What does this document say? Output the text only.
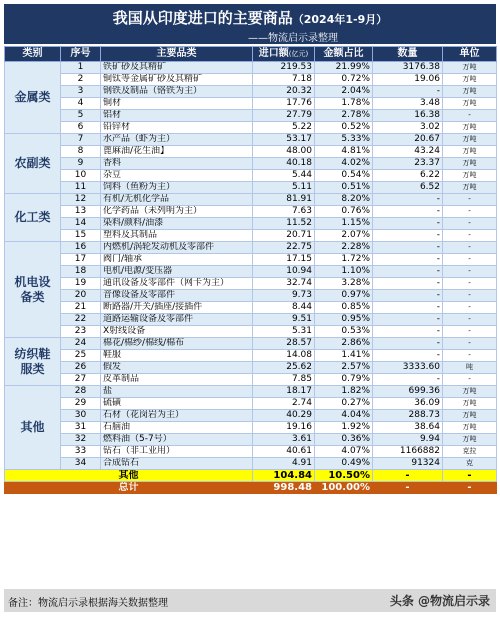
我国从印度进口的主要商品（2024年1-9月）
——物流启示录整理
类别	序号	主要品类	进口额(亿元)	金额占比	数量	单位
金属类	1	铁矿砂及其精矿	219.53	21.99%	3176.38	万吨
	2	铜钛等金属矿砂及其精矿	7.18	0.72%	19.06	万吨
	3	钢铁及制品（铬铁为主）	20.32	2.04%	-	万吨
	4	铜材	17.76	1.78%	3.48	万吨
	5	铝材	27.79	2.78%	16.38	-
	6	铅锌材	5.22	0.52%	3.02	万吨
农副类	7	水产品（虾为主）	53.17	5.33%	20.67	万吨
	8	蓖麻油/花生油】	48.00	4.81%	43.24	万吨
	9	香料	40.18	4.02%	23.37	万吨
	10	杂豆	5.44	0.54%	6.22	万吨
	11	饲料（鱼粉为主）	5.11	0.51%	6.52	万吨
化工类	12	有机/无机化学品	81.91	8.20%	-	-
	13	化学药品（未列明为主）	7.63	0.76%	-	-
	14	染料/颜料/油漆	11.52	1.15%	-	-
	15	塑料及其制品	20.71	2.07%	-	-
机电设备类	16	内燃机/涡轮发动机及零部件	22.75	2.28%	-	-
	17	阀门/轴承	17.15	1.72%	-	-
	18	电机/电源/变压器	10.94	1.10%	-	-
	19	通讯设备及零部件（网卡为主）	32.74	3.28%	-	-
	20	音像设备及零部件	9.73	0.97%	-	-
	21	断路器/开关/插座/接插件	8.44	0.85%	-	-
	22	道路运输设备及零部件	9.51	0.95%	-	-
	23	X射线设备	5.31	0.53%	-	-
纺织鞋服类	24	棉花/棉纱/棉线/棉布	28.57	2.86%	-	-
	25	鞋服	14.08	1.41%	-	-
	26	假发	25.62	2.57%	3333.60	吨
	27	皮革制品	7.85	0.79%	-	-
其他	28	盐	18.17	1.82%	699.36	万吨
	29	硫磺	2.74	0.27%	36.09	万吨
	30	石材（花岗岩为主）	40.29	4.04%	288.73	万吨
	31	石脑油	19.16	1.92%	38.64	万吨
	32	燃料油（5-7号）	3.61	0.36%	9.94	万吨
	33	钻石（非工业用）	40.61	4.07%	1166882	克拉
	34	合成钻石	4.91	0.49%	91324	克
其他			104.84	10.50%	-	-
总计			998.48	100.00%	-	-
备注：物流启示录根据海关数据整理	头条 @物流启示录
